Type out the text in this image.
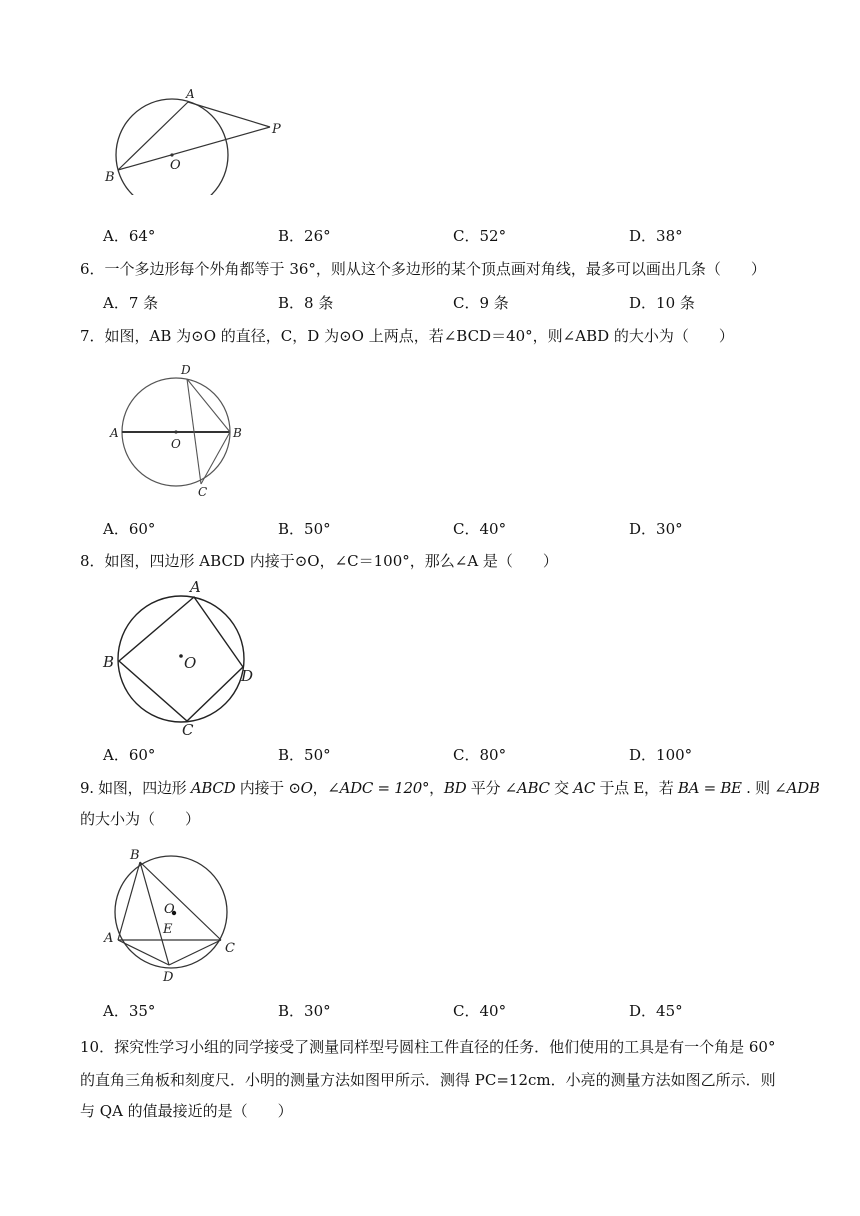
A
P
O
B
A．64°	B．26°	C．52°	D．38°
6．一个多边形每个外角都等于 36°，则从这个多边形的某个顶点画对角线，最多可以画出几条（　　）
A．7 条	B．8 条	C．9 条	D．10 条
7．如图，AB 为⊙O 的直径，C，D 为⊙O 上两点，若∠BCD＝40°，则∠ABD 的大小为（　　）
D
A
O
B
C
A．60°	B．50°	C．40°	D．30°
8．如图，四边形 ABCD 内接于⊙O，∠C＝100°，那么∠A 是（　　）
A
B	O
D
C
A．60°	B．50°	C．80°	D．100°
9. 如图，四边形 ABCD 内接于 ⊙O，∠ADC = 120°，BD 平分 ∠ABC 交 AC 于点 E，若 BA = BE . 则 ∠ADB
的大小为（　　）
B
O
E
A
C
D
A．35°	B．30°	C．40°	D．45°
10．探究性学习小组的同学接受了测量同样型号圆柱工件直径的任务．他们使用的工具是有一个角是 60°
的直角三角板和刻度尺．小明的测量方法如图甲所示．测得 PC=12cm．小亮的测量方法如图乙所示．则
与 QA 的值最接近的是（　　）
